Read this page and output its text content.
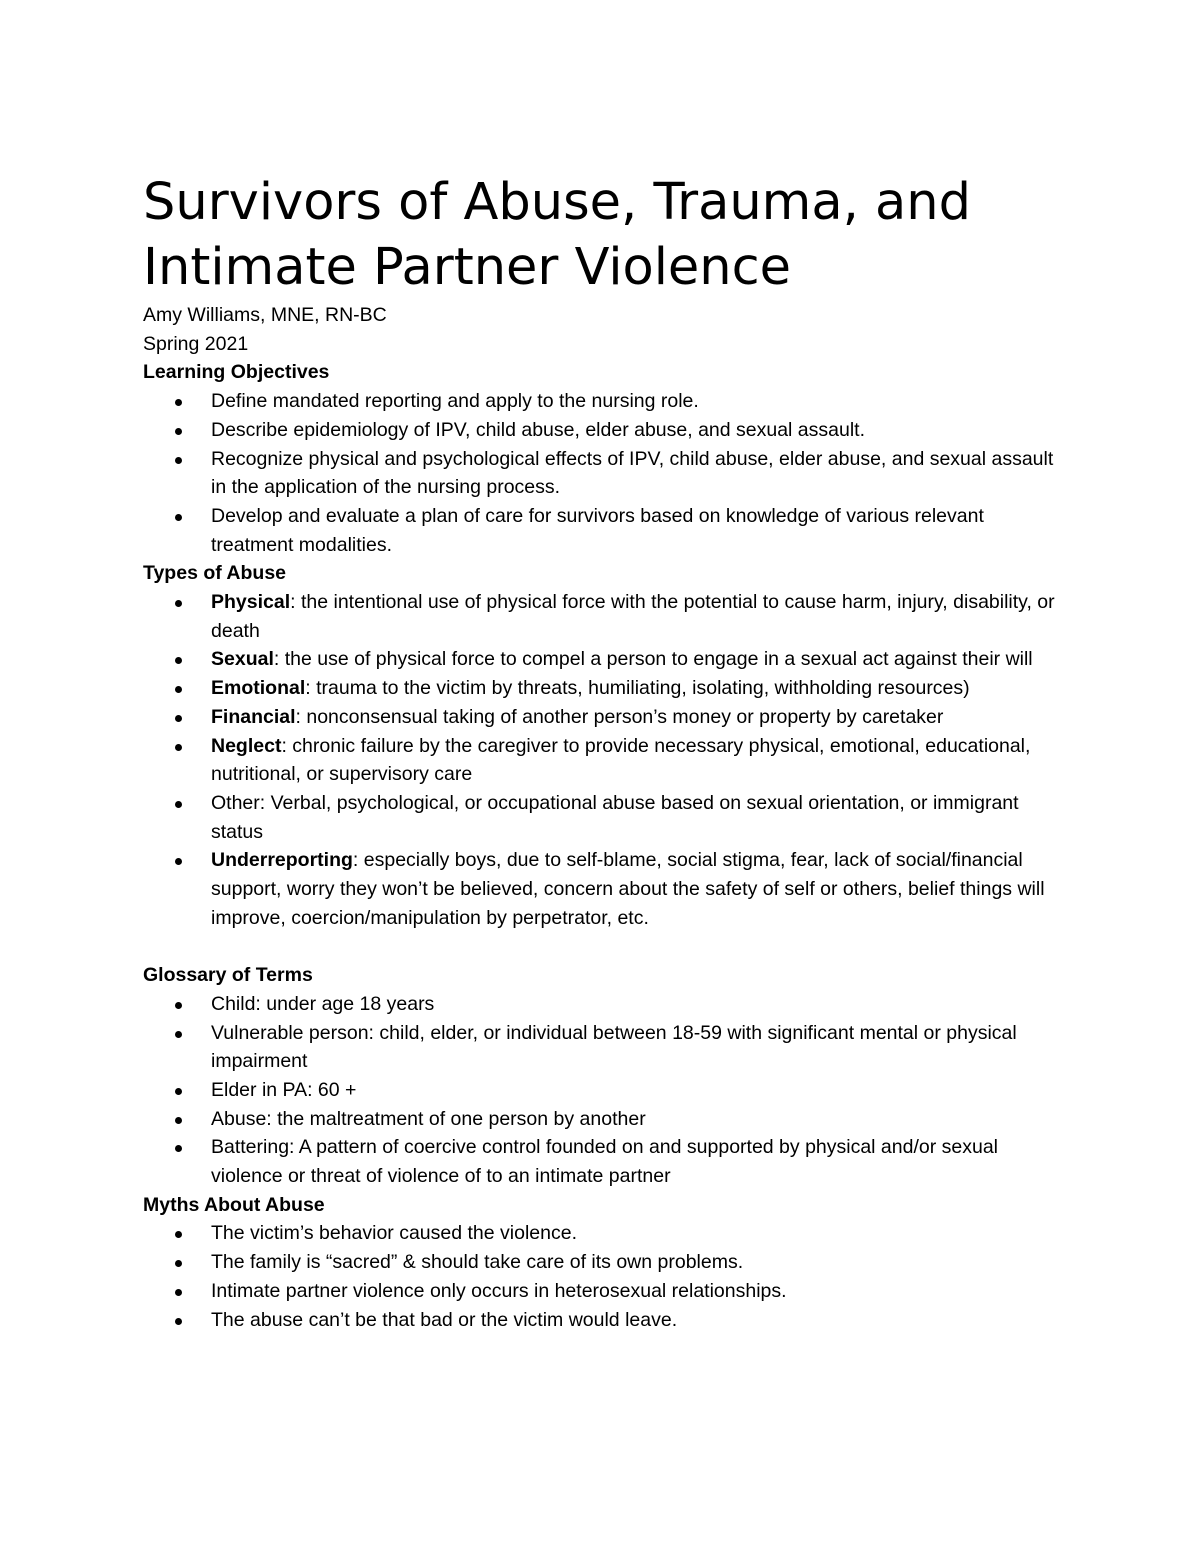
Survivors of Abuse, Trauma, and
Intimate Partner Violence

Amy Williams, MNE, RN-BC

Spring 2021

Learning Objectives

Define mandated reporting and apply to the nursing role.
Describe epidemiology of IPV, child abuse, elder abuse, and sexual assault.
Recognize physical and psychological effects of IPV, child abuse, elder abuse, and sexual assault in the application of the nursing process.
Develop and evaluate a plan of care for survivors based on knowledge of various relevant treatment modalities.

Types of Abuse

Physical: the intentional use of physical force with the potential to cause harm, injury, disability, or death
Sexual: the use of physical force to compel a person to engage in a sexual act against their will
Emotional: trauma to the victim by threats, humiliating, isolating, withholding resources)
Financial: nonconsensual taking of another person’s money or property by caretaker
Neglect: chronic failure by the caregiver to provide necessary physical, emotional, educational, nutritional, or supervisory care
Other: Verbal, psychological, or occupational abuse based on sexual orientation, or immigrant status
Underreporting: especially boys, due to self-blame, social stigma, fear, lack of social/financial support, worry they won’t be believed, concern about the safety of self or others, belief things will improve, coercion/manipulation by perpetrator, etc.

Glossary of Terms

Child: under age 18 years
Vulnerable person: child, elder, or individual between 18-59 with significant mental or physical impairment
Elder in PA: 60 +
Abuse: the maltreatment of one person by another
Battering: A pattern of coercive control founded on and supported by physical and/or sexual violence or threat of violence of to an intimate partner

Myths About Abuse

The victim’s behavior caused the violence.
The family is “sacred” & should take care of its own problems.
Intimate partner violence only occurs in heterosexual relationships.
The abuse can’t be that bad or the victim would leave.
